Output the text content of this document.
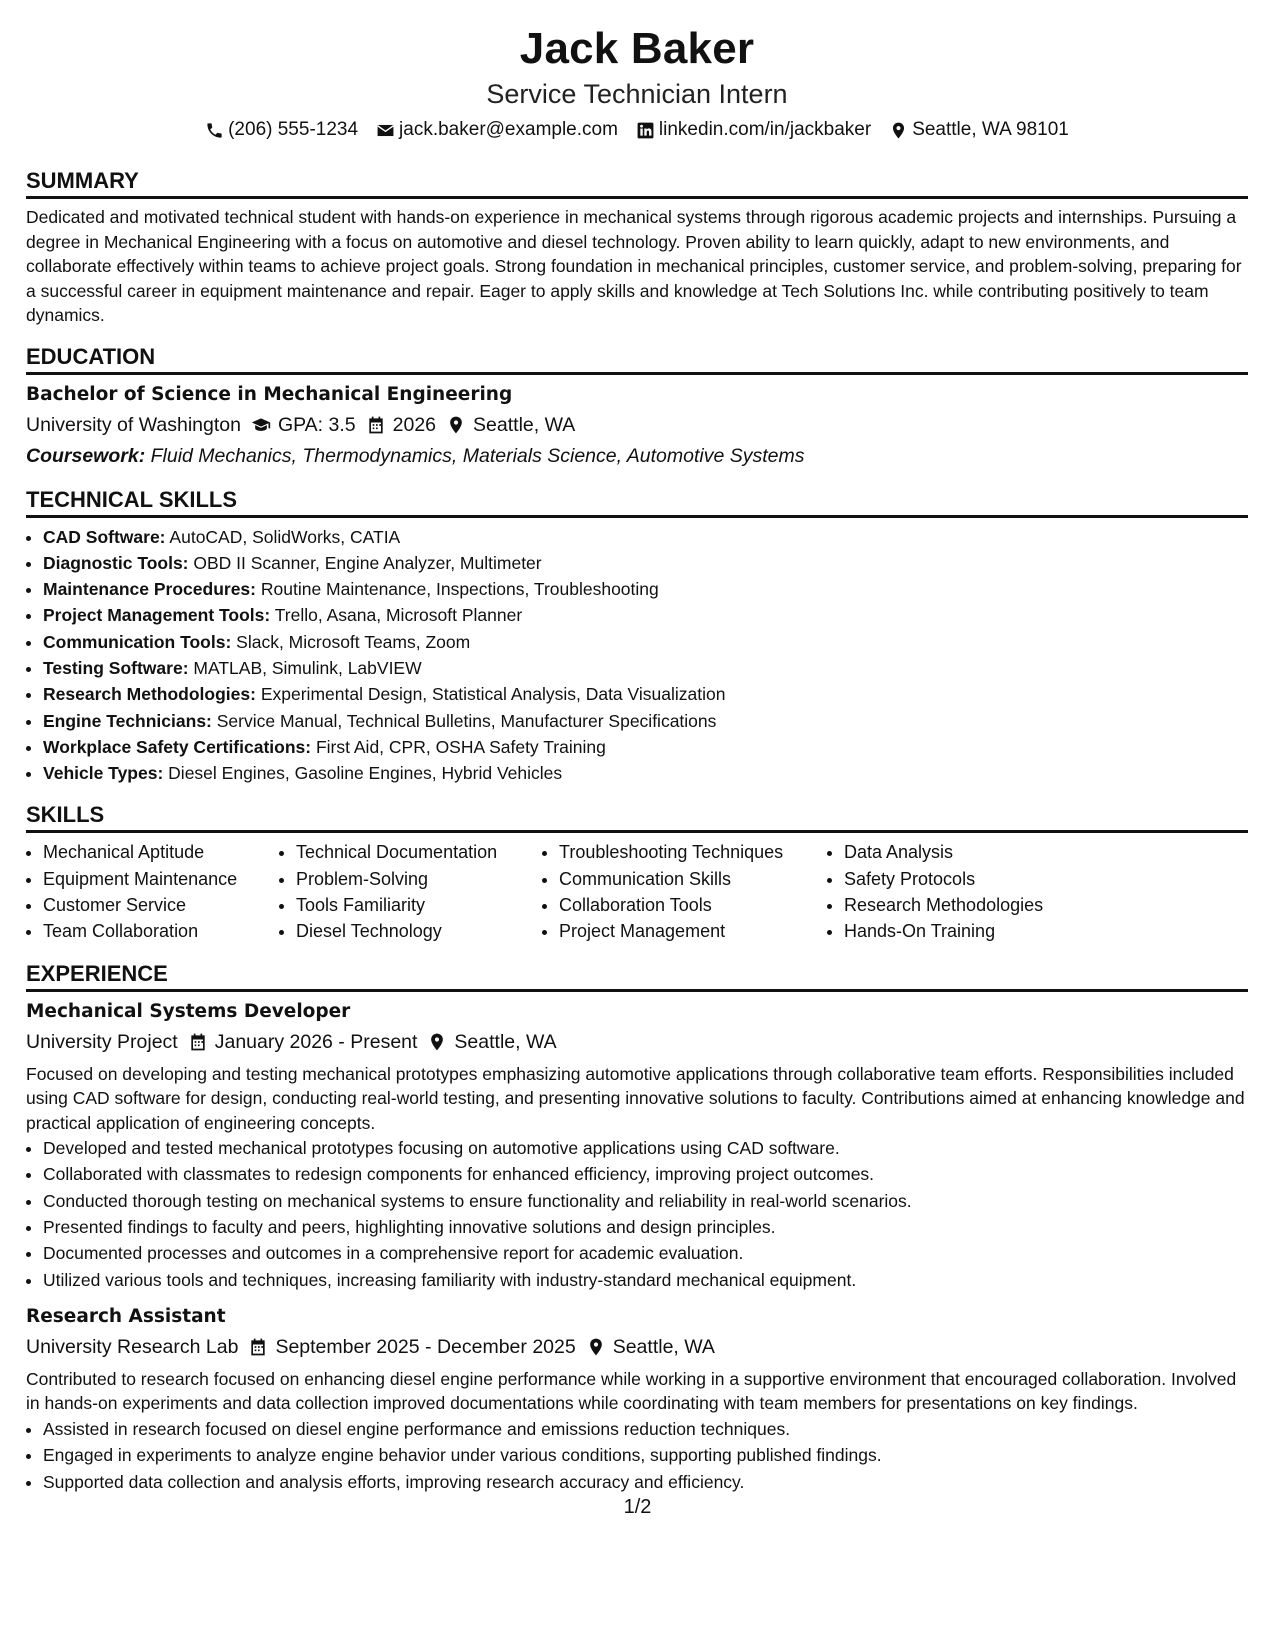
Jack Baker
Service Technician Intern
(206) 555-1234 jack.baker@example.com linkedin.com/in/jackbaker Seattle, WA 98101
SUMMARY

Dedicated and motivated technical student with hands-on experience in mechanical systems through rigorous academic projects and internships. Pursuing a degree in Mechanical Engineering with a focus on automotive and diesel technology. Proven ability to learn quickly, adapt to new environments, and collaborate effectively within teams to achieve project goals. Strong foundation in mechanical principles, customer service, and problem-solving, preparing for a successful career in equipment maintenance and repair. Eager to apply skills and knowledge at Tech Solutions Inc. while contributing positively to team dynamics.

EDUCATION
Bachelor of Science in Mechanical Engineering
University of Washington GPA: 3.5 2026 Seattle, WA
Coursework: Fluid Mechanics, Thermodynamics, Materials Science, Automotive Systems
TECHNICAL SKILLS
• CAD Software: AutoCAD, SolidWorks, CATIA
• Diagnostic Tools: OBD II Scanner, Engine Analyzer, Multimeter
• Maintenance Procedures: Routine Maintenance, Inspections, Troubleshooting
• Project Management Tools: Trello, Asana, Microsoft Planner
• Communication Tools: Slack, Microsoft Teams, Zoom
• Testing Software: MATLAB, Simulink, LabVIEW
• Research Methodologies: Experimental Design, Statistical Analysis, Data Visualization
• Engine Technicians: Service Manual, Technical Bulletins, Manufacturer Specifications
• Workplace Safety Certifications: First Aid, CPR, OSHA Safety Training
• Vehicle Types: Diesel Engines, Gasoline Engines, Hybrid Vehicles
SKILLS
• Mechanical Aptitude
• Equipment Maintenance
• Customer Service
• Team Collaboration
• Technical Documentation
• Problem-Solving
• Tools Familiarity
• Diesel Technology
• Troubleshooting Techniques
• Communication Skills
• Collaboration Tools
• Project Management
• Data Analysis
• Safety Protocols
• Research Methodologies
• Hands-On Training
EXPERIENCE
Mechanical Systems Developer
University Project January 2026 - Present Seattle, WA

Focused on developing and testing mechanical prototypes emphasizing automotive applications through collaborative team efforts. Responsibilities included using CAD software for design, conducting real-world testing, and presenting innovative solutions to faculty. Contributions aimed at enhancing knowledge and practical application of engineering concepts.

• Developed and tested mechanical prototypes focusing on automotive applications using CAD software.
• Collaborated with classmates to redesign components for enhanced efficiency, improving project outcomes.
• Conducted thorough testing on mechanical systems to ensure functionality and reliability in real-world scenarios.
• Presented findings to faculty and peers, highlighting innovative solutions and design principles.
• Documented processes and outcomes in a comprehensive report for academic evaluation.
• Utilized various tools and techniques, increasing familiarity with industry-standard mechanical equipment.
Research Assistant
University Research Lab September 2025 - December 2025 Seattle, WA

Contributed to research focused on enhancing diesel engine performance while working in a supportive environment that encouraged collaboration. Involved in hands-on experiments and data collection improved documentations while coordinating with team members for presentations on key findings.

• Assisted in research focused on diesel engine performance and emissions reduction techniques.
• Engaged in experiments to analyze engine behavior under various conditions, supporting published findings.
• Supported data collection and analysis efforts, improving research accuracy and efficiency.
1/2
